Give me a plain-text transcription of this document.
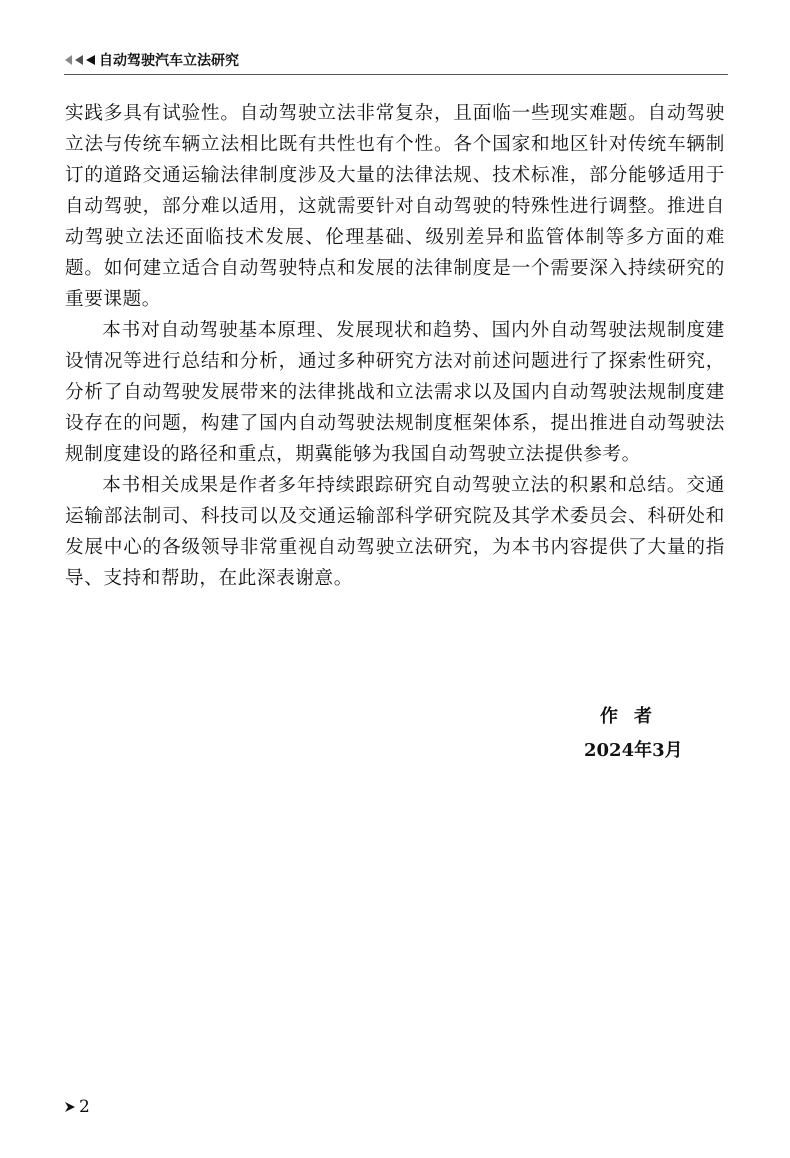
自动驾驶汽车立法研究

实践多具有试验性。自动驾驶立法非常复杂，且面临一些现实难题。自动驾驶立法与传统车辆立法相比既有共性也有个性。各个国家和地区针对传统车辆制订的道路交通运输法律制度涉及大量的法律法规、技术标准，部分能够适用于自动驾驶，部分难以适用，这就需要针对自动驾驶的特殊性进行调整。推进自动驾驶立法还面临技术发展、伦理基础、级别差异和监管体制等多方面的难题。如何建立适合自动驾驶特点和发展的法律制度是一个需要深入持续研究的重要课题。

本书对自动驾驶基本原理、发展现状和趋势、国内外自动驾驶法规制度建设情况等进行总结和分析，通过多种研究方法对前述问题进行了探索性研究，分析了自动驾驶发展带来的法律挑战和立法需求以及国内自动驾驶法规制度建设存在的问题，构建了国内自动驾驶法规制度框架体系，提出推进自动驾驶法规制度建设的路径和重点，期冀能够为我国自动驾驶立法提供参考。

本书相关成果是作者多年持续跟踪研究自动驾驶立法的积累和总结。交通运输部法制司、科技司以及交通运输部科学研究院及其学术委员会、科研处和发展中心的各级领导非常重视自动驾驶立法研究，为本书内容提供了大量的指导、支持和帮助，在此深表谢意。

作者
2024年3月
2
